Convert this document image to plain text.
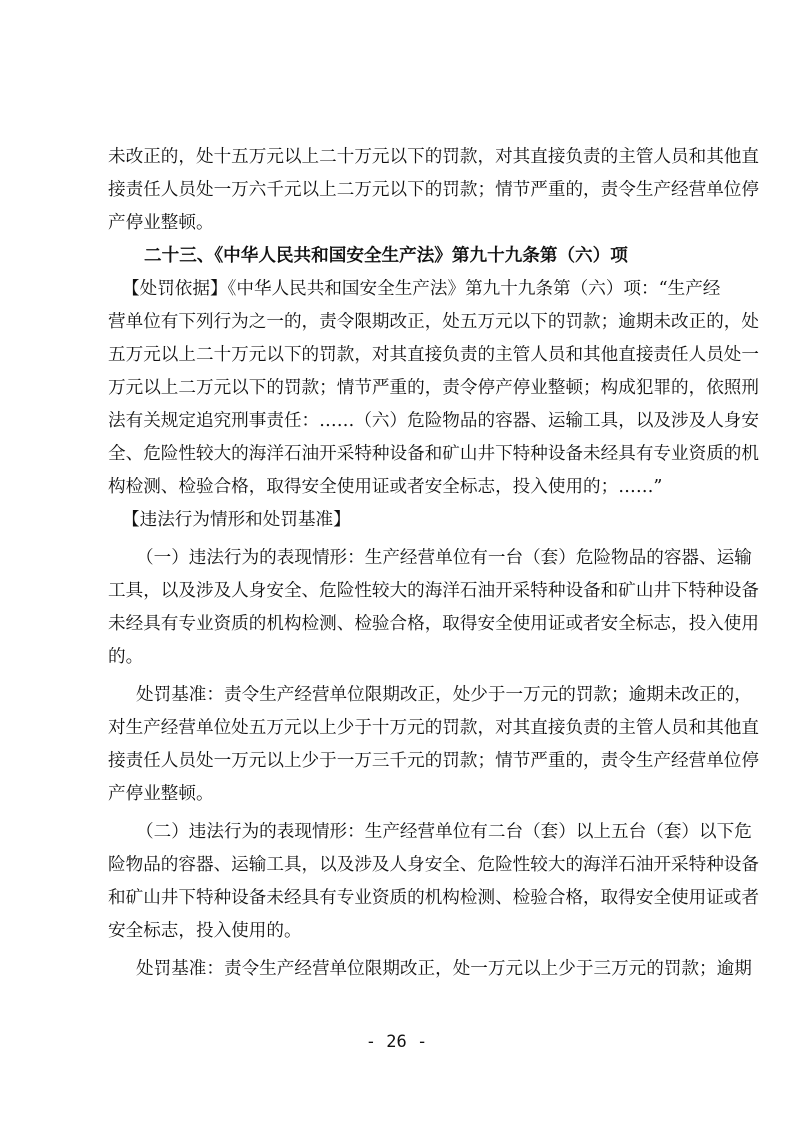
未改正的，处十五万元以上二十万元以下的罚款，对其直接负责的主管人员和其他直
接责任人员处一万六千元以上二万元以下的罚款；情节严重的，责令生产经营单位停
产停业整顿。
二十三、《中华人民共和国安全生产法》第九十九条第（六）项
【处罚依据】《中华人民共和国安全生产法》第九十九条第（六）项：“生产经
营单位有下列行为之一的，责令限期改正，处五万元以下的罚款；逾期未改正的，处
五万元以上二十万元以下的罚款，对其直接负责的主管人员和其他直接责任人员处一
万元以上二万元以下的罚款；情节严重的，责令停产停业整顿；构成犯罪的，依照刑
法有关规定追究刑事责任：……（六）危险物品的容器、运输工具，以及涉及人身安
全、危险性较大的海洋石油开采特种设备和矿山井下特种设备未经具有专业资质的机
构检测、检验合格，取得安全使用证或者安全标志，投入使用的；……”
【违法行为情形和处罚基准】
（一）违法行为的表现情形：生产经营单位有一台（套）危险物品的容器、运输
工具，以及涉及人身安全、危险性较大的海洋石油开采特种设备和矿山井下特种设备
未经具有专业资质的机构检测、检验合格，取得安全使用证或者安全标志，投入使用
的。
处罚基准：责令生产经营单位限期改正，处少于一万元的罚款；逾期未改正的，
对生产经营单位处五万元以上少于十万元的罚款，对其直接负责的主管人员和其他直
接责任人员处一万元以上少于一万三千元的罚款；情节严重的，责令生产经营单位停
产停业整顿。
（二）违法行为的表现情形：生产经营单位有二台（套）以上五台（套）以下危
险物品的容器、运输工具，以及涉及人身安全、危险性较大的海洋石油开采特种设备
和矿山井下特种设备未经具有专业资质的机构检测、检验合格，取得安全使用证或者
安全标志，投入使用的。
处罚基准：责令生产经营单位限期改正，处一万元以上少于三万元的罚款；逾期
- 26 -
